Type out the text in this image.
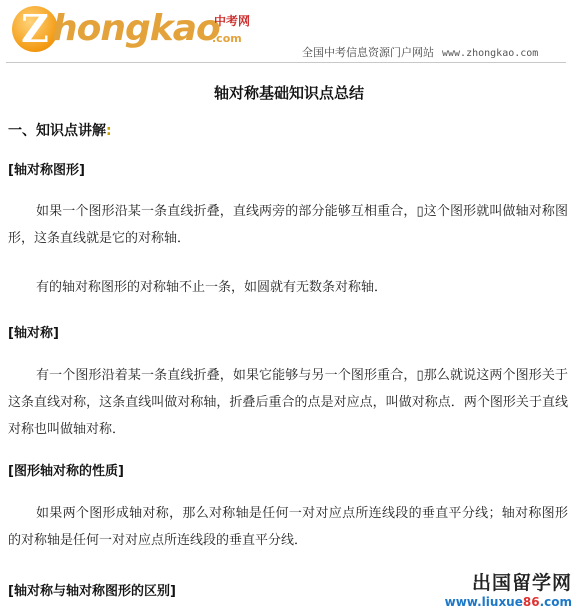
Z hongkao
中考网
.com
全国中考信息资源门户网站 www.zhongkao.com
轴对称基础知识点总结
一、知识点讲解:
[轴对称图形]

如果一个图形沿某一条直线折叠，直线两旁的部分能够互相重合，▯这个图形就叫做轴对称图形，这条直线就是它的对称轴．

有的轴对称图形的对称轴不止一条，如圆就有无数条对称轴．

[轴对称]

有一个图形沿着某一条直线折叠，如果它能够与另一个图形重合，▯那么就说这两个图形关于这条直线对称，这条直线叫做对称轴，折叠后重合的点是对应点，叫做对称点．两个图形关于直线对称也叫做轴对称．

[图形轴对称的性质]

如果两个图形成轴对称，那么对称轴是任何一对对应点所连线段的垂直平分线；轴对称图形的对称轴是任何一对对应点所连线段的垂直平分线．

[轴对称与轴对称图形的区别]	出国留学网
www.liuxue86.com
